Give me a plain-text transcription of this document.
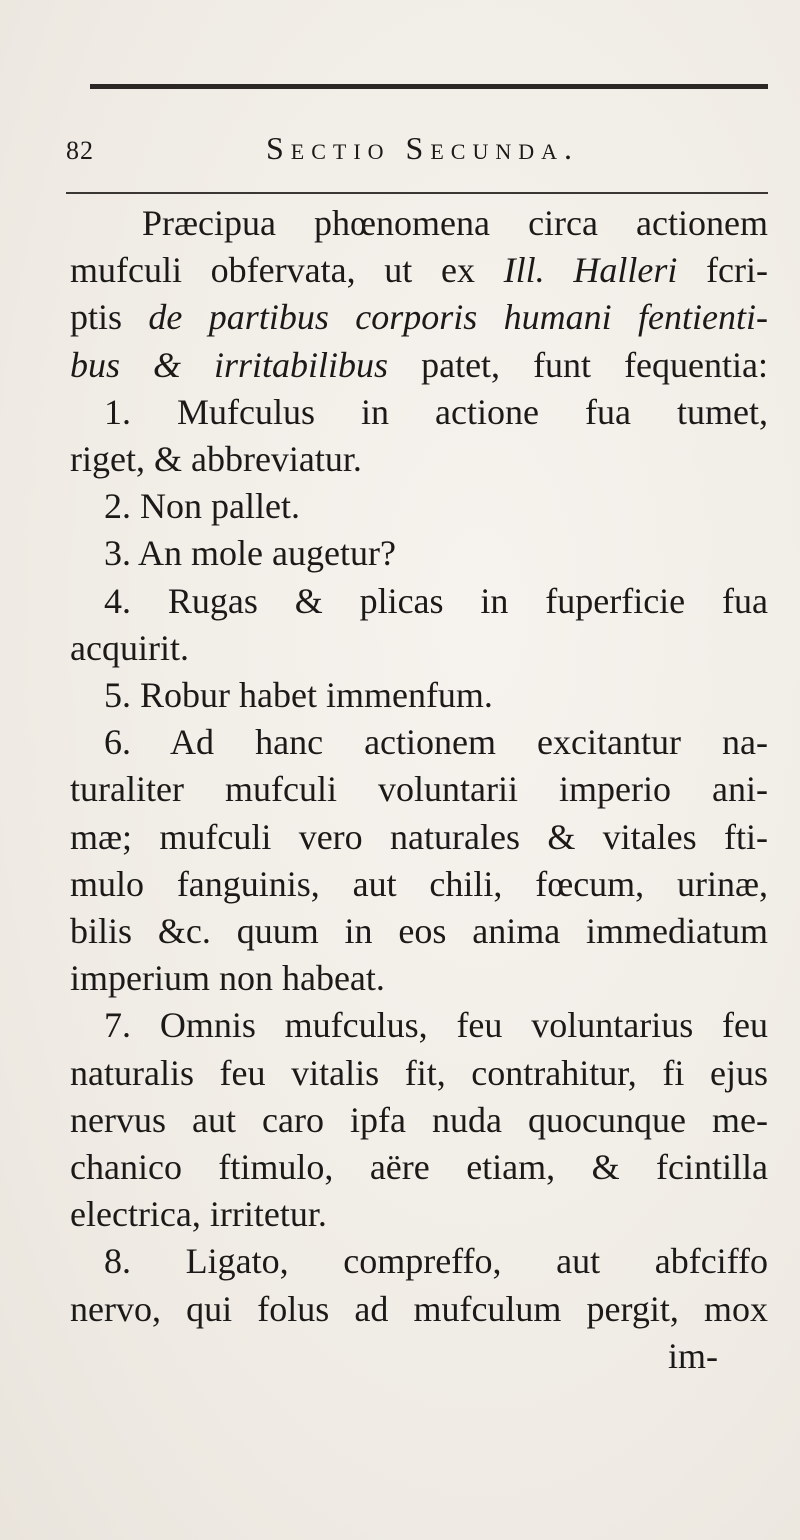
82	Sectio Secunda.
Præcipua phœnomena circa actionem
mufculi obfervata, ut ex Ill. Halleri fcri-
ptis de partibus corporis humani fentienti-
bus & irritabilibus patet, funt fequentia:
1. Mufculus in actione fua tumet,
riget, & abbreviatur.
2. Non pallet.
3. An mole augetur?
4. Rugas & plicas in fuperficie fua
acquirit.
5. Robur habet immenfum.
6. Ad hanc actionem excitantur na-
turaliter mufculi voluntarii imperio ani-
mæ; mufculi vero naturales & vitales fti-
mulo fanguinis, aut chili, fœcum, urinæ,
bilis &c. quum in eos anima immediatum
imperium non habeat.
7. Omnis mufculus, feu voluntarius feu
naturalis feu vitalis fit, contrahitur, fi ejus
nervus aut caro ipfa nuda quocunque me-
chanico ftimulo, aëre etiam, & fcintilla
electrica, irritetur.
8. Ligato, compreffo, aut abfciffo
nervo, qui folus ad mufculum pergit, mox
im-
